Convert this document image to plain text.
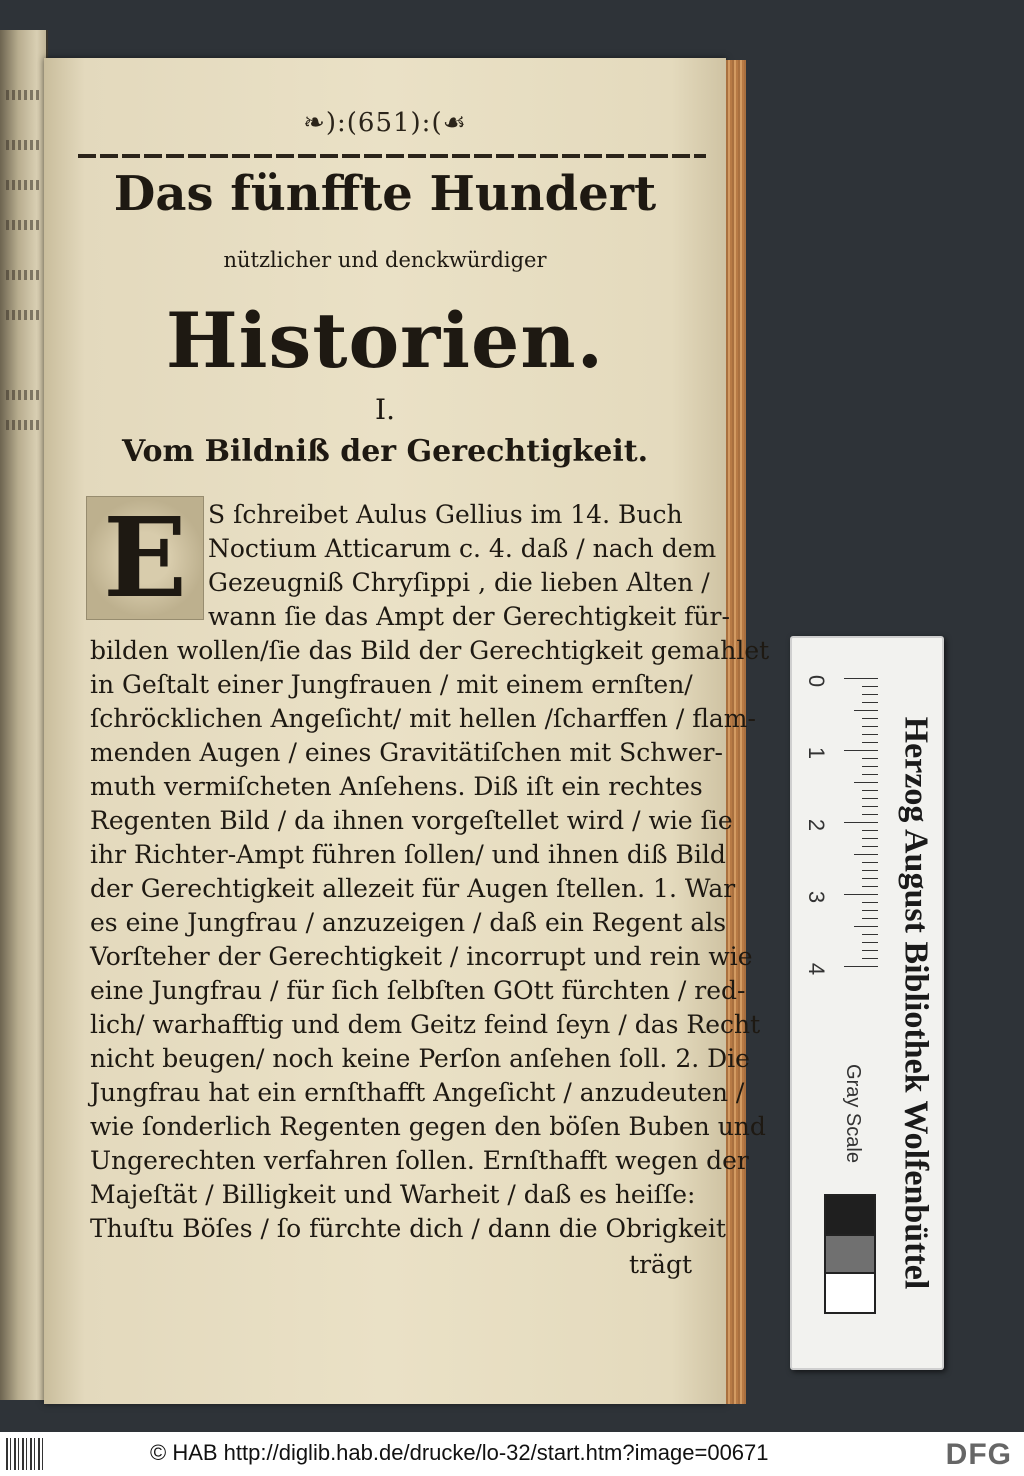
❧):(651):(☙
Das fünffte Hundert
nützlicher und denckwürdiger
Historien.
I.
Vom Bildniß der Gerechtigkeit.
E S ſchreibet Aulus Gellius im 14. Buch
Noctium Atticarum c. 4. daß / nach dem
Gezeugniß Chryſippi , die lieben Alten /
wann ſie das Ampt der Gerechtigkeit für-
bilden wollen/ſie das Bild der Gerechtigkeit gemahlet
in Geſtalt einer Jungfrauen / mit einem ernſten/
ſchröcklichen Angeſicht/ mit hellen /ſcharffen / flam-
menden Augen / eines Gravitätiſchen mit Schwer-
muth vermiſcheten Anſehens. Diß iſt ein rechtes
Regenten Bild / da ihnen vorgeſtellet wird / wie ſie
ihr Richter-Ampt führen ſollen/ und ihnen diß Bild
der Gerechtigkeit allezeit für Augen ſtellen. 1. War
es eine Jungfrau / anzuzeigen / daß ein Regent als
Vorſteher der Gerechtigkeit / incorrupt und rein wie
eine Jungfrau / für ſich ſelbſten GOtt fürchten / red-
lich/ warhafftig und dem Geitz feind ſeyn / das Recht
nicht beugen/ noch keine Perſon anſehen ſoll. 2. Die
Jungfrau hat ein ernſthafft Angeſicht / anzudeuten /
wie ſonderlich Regenten gegen den böſen Buben und
Ungerechten verfahren ſollen. Ernſthafft wegen der
Majeſtät / Billigkeit und Warheit / daß es heiſſe:
Thuſtu Böſes / ſo fürchte dich / dann die Obrigkeit
trägt
0
1
2
3
4
Gray Scale Herzog August Bibliothek Wolfenbüttel
© HAB http://diglib.hab.de/drucke/lo-32/start.htm?image=00671	DFG
